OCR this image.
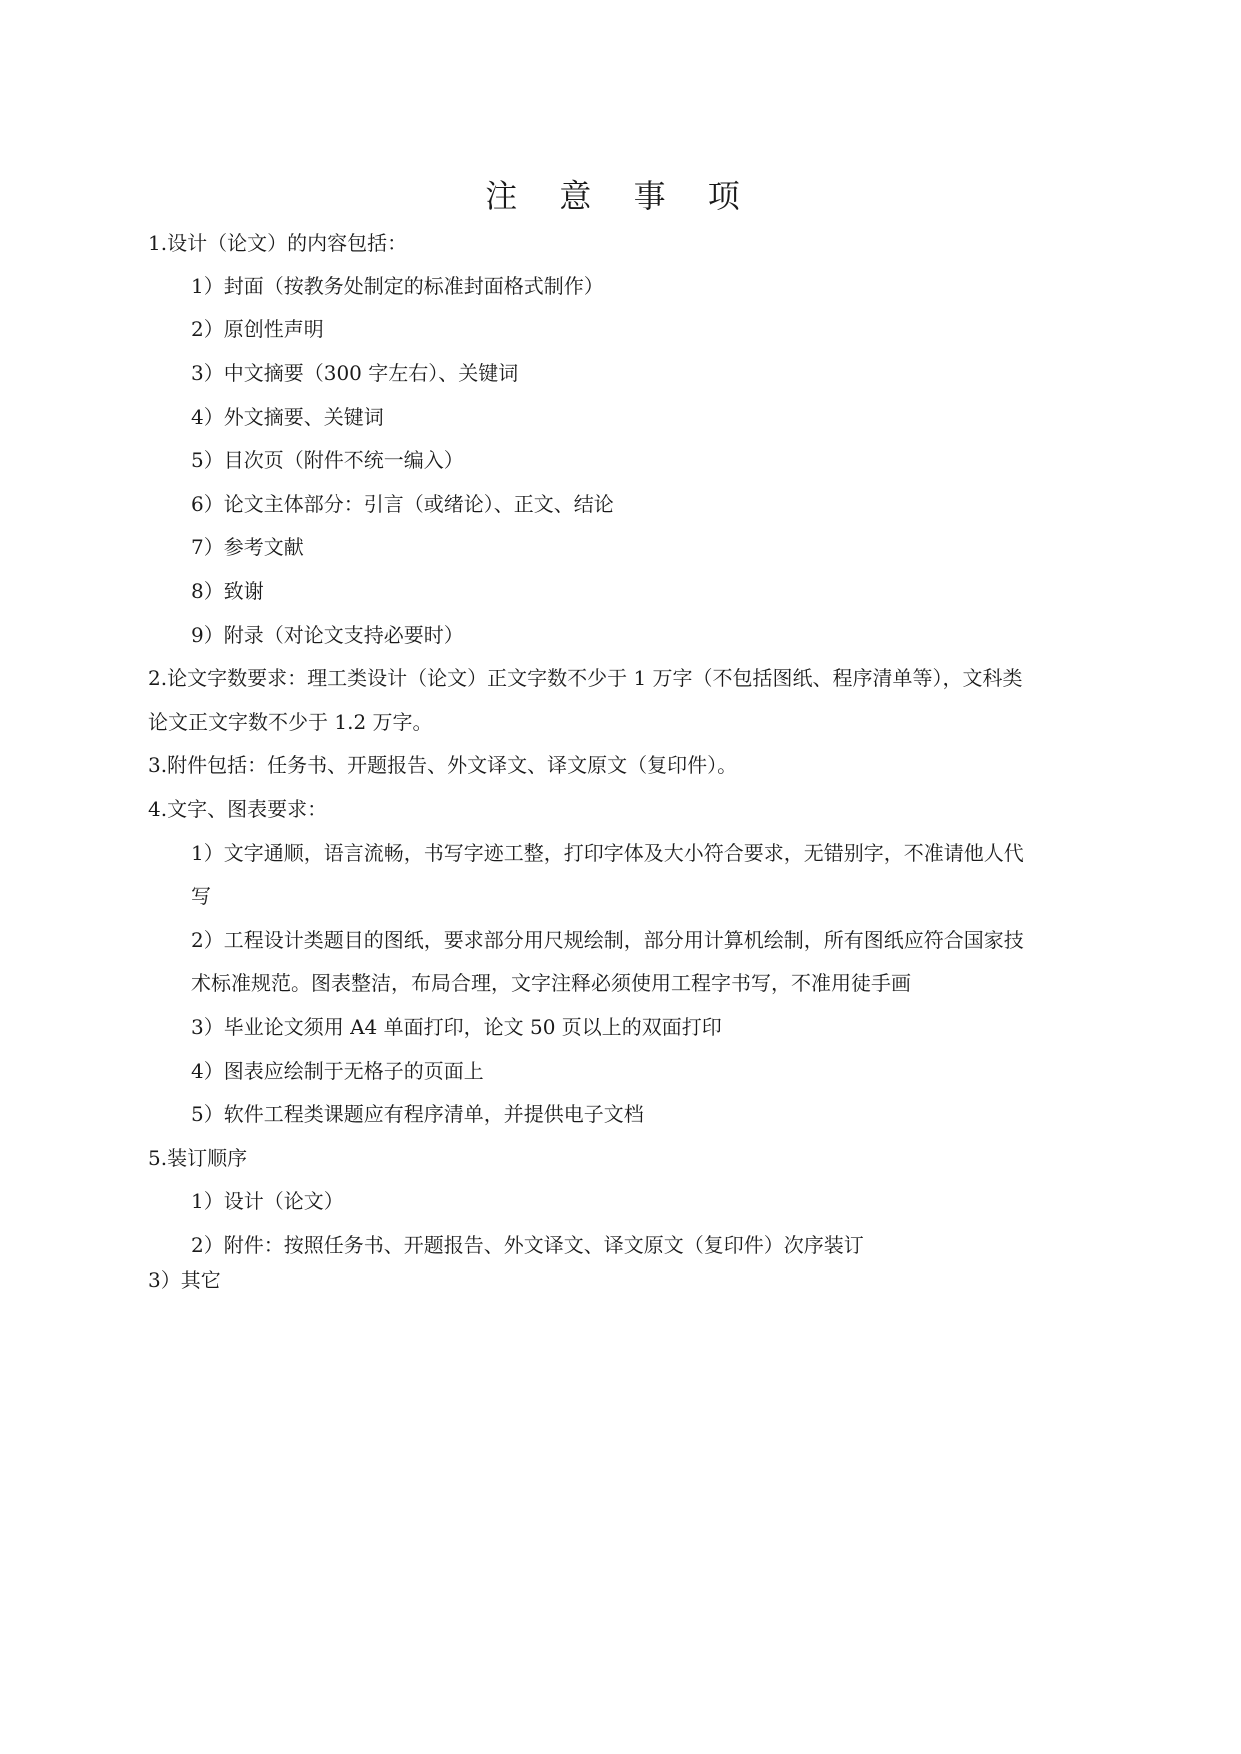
注 意 事 项
1.设计（论文）的内容包括：
1）封面（按教务处制定的标准封面格式制作）
2）原创性声明
3）中文摘要（300 字左右）、关键词
4）外文摘要、关键词
5）目次页（附件不统一编入）
6）论文主体部分：引言（或绪论）、正文、结论
7）参考文献
8）致谢
9）附录（对论文支持必要时）
2.论文字数要求：理工类设计（论文）正文字数不少于 1 万字（不包括图纸、程序清单等），文科类
论文正文字数不少于 1.2 万字。
3.附件包括：任务书、开题报告、外文译文、译文原文（复印件）。
4.文字、图表要求：
1）文字通顺，语言流畅，书写字迹工整，打印字体及大小符合要求，无错别字，不准请他人代
写
2）工程设计类题目的图纸，要求部分用尺规绘制，部分用计算机绘制，所有图纸应符合国家技
术标准规范。图表整洁，布局合理，文字注释必须使用工程字书写，不准用徒手画
3）毕业论文须用 A4 单面打印，论文 50 页以上的双面打印
4）图表应绘制于无格子的页面上
5）软件工程类课题应有程序清单，并提供电子文档
5.装订顺序
1）设计（论文）
2）附件：按照任务书、开题报告、外文译文、译文原文（复印件）次序装订
3）其它
